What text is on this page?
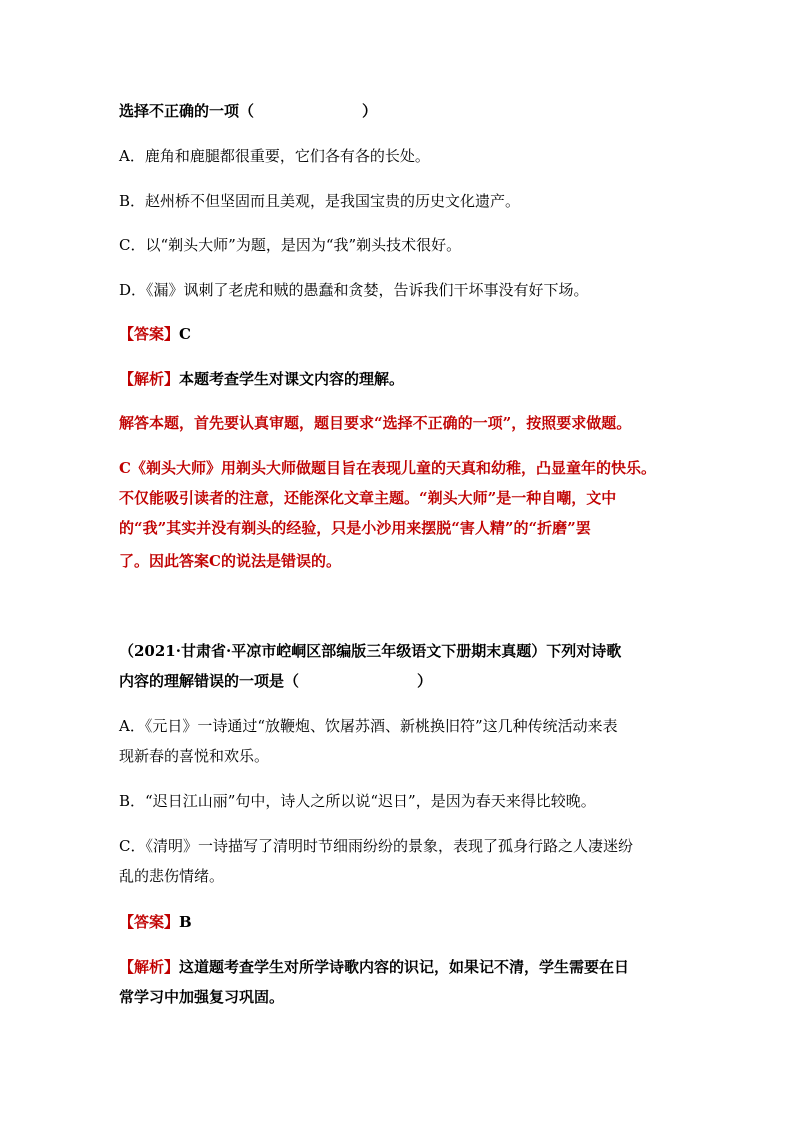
选择不正确的一项（	）
A．鹿角和鹿腿都很重要，它们各有各的长处。
B．赵州桥不但坚固而且美观，是我国宝贵的历史文化遗产。
C．以“剃头大师”为题，是因为“我”剃头技术很好。
D．《漏》讽刺了老虎和贼的愚蠢和贪婪，告诉我们干坏事没有好下场。
【答案】C
【解析】本题考查学生对课文内容的理解。
解答本题，首先要认真审题，题目要求“选择不正确的一项”，按照要求做题。
C《剃头大师》用剃头大师做题目旨在表现儿童的天真和幼稚，凸显童年的快乐。
不仅能吸引读者的注意，还能深化文章主题。“剃头大师”是一种自嘲，文中
的“我”其实并没有剃头的经验，只是小沙用来摆脱“害人精”的“折磨”罢
了。因此答案C的说法是错误的。
（2021·甘肃省·平凉市崆峒区部编版三年级语文下册期末真题）下列对诗歌
内容的理解错误的一项是（	）
A．《元日》一诗通过“放鞭炮、饮屠苏酒、新桃换旧符”这几种传统活动来表
现新春的喜悦和欢乐。
B．“迟日江山丽”句中，诗人之所以说“迟日”，是因为春天来得比较晚。
C．《清明》一诗描写了清明时节细雨纷纷的景象，表现了孤身行路之人凄迷纷
乱的悲伤情绪。
【答案】B
【解析】这道题考查学生对所学诗歌内容的识记，如果记不清，学生需要在日
常学习中加强复习巩固。
